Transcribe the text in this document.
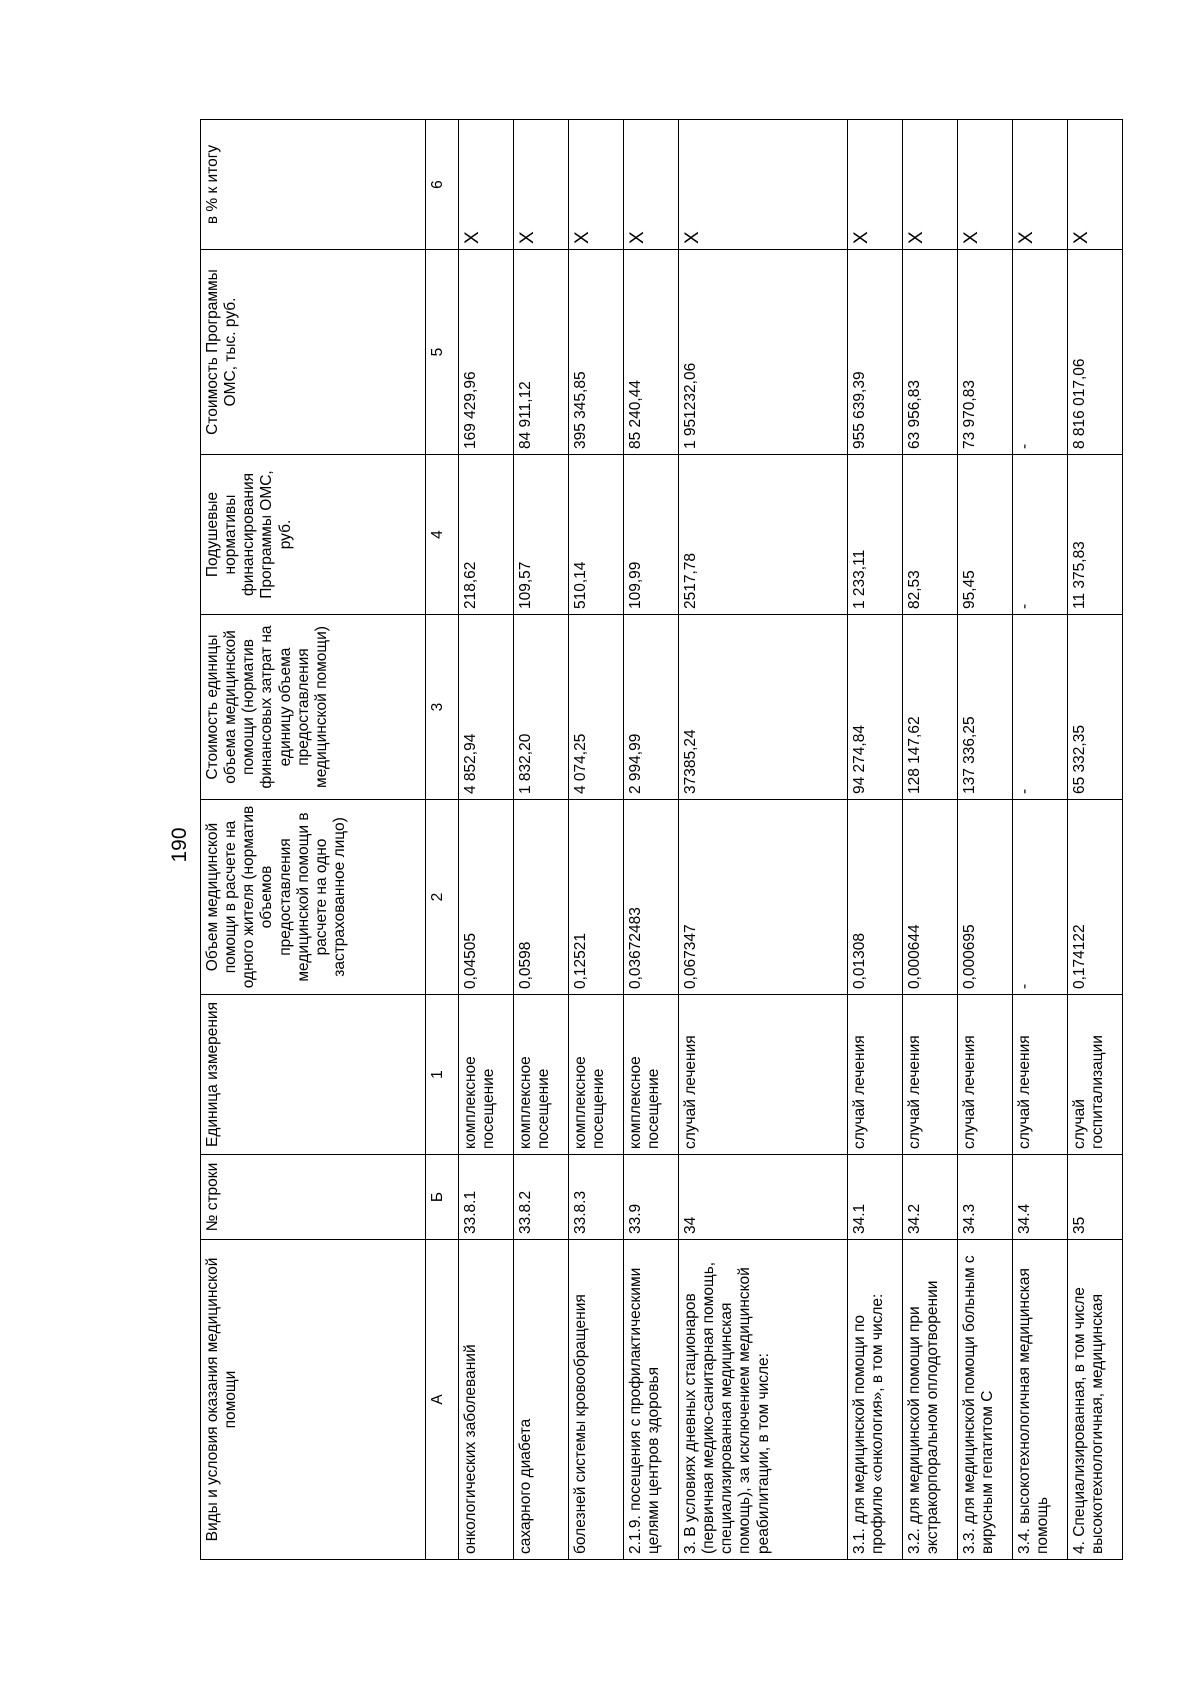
190
Виды и условия оказания медицинской помощи	№ строки	Единица измерения	Объем медицинской помощи в расчете на одного жителя (норматив объемов предоставления медицинской помощи в расчете на одно застрахованное лицо)	Стоимость единицы объема медицинской помощи (норматив финансовых затрат на единицу объема предоставления медицинской помощи)	Подушевые нормативы финансирования Программы ОМС, руб.	Стоимость Программы ОМС, тыс. руб.	в % к итогу
А	Б	1	2	3	4	5	6
онкологических заболеваний	33.8.1	комплексное посещение	0,04505	4 852,94	218,62	169 429,96	X
сахарного диабета	33.8.2	комплексное посещение	0,0598	1 832,20	109,57	84 911,12	X
болезней системы кровообращения	33.8.3	комплексное посещение	0,12521	4 074,25	510,14	395 345,85	X
2.1.9. посещения с профилактическими целями центров здоровья	33.9	комплексное посещение	0,03672483	2 994,99	109,99	85 240,44	X
3. В условиях дневных стационаров (первичная медико-санитарная помощь, специализированная медицинская помощь), за исключением медицинской реабилитации, в том числе:	34	случай лечения	0,067347	37385,24	2517,78	1 951232,06	X
3.1. для медицинской помощи по профилю «онкология», в том числе:	34.1	случай лечения	0,01308	94 274,84	1 233,11	955 639,39	X
3.2. для медицинской помощи при экстракорпоральном оплодотворении	34.2	случай лечения	0,000644	128 147,62	82,53	63 956,83	X
3.3. для медицинской помощи больным с вирусным гепатитом С	34.3	случай лечения	0,000695	137 336,25	95,45	73 970,83	X
3.4. высокотехнологичная медицинская помощь	34.4	случай лечения	-	-	-	-	X
4. Специализированная, в том числе высокотехнологичная, медицинская	35	случай госпитализации	0,174122	65 332,35	11 375,83	8 816 017,06	X
